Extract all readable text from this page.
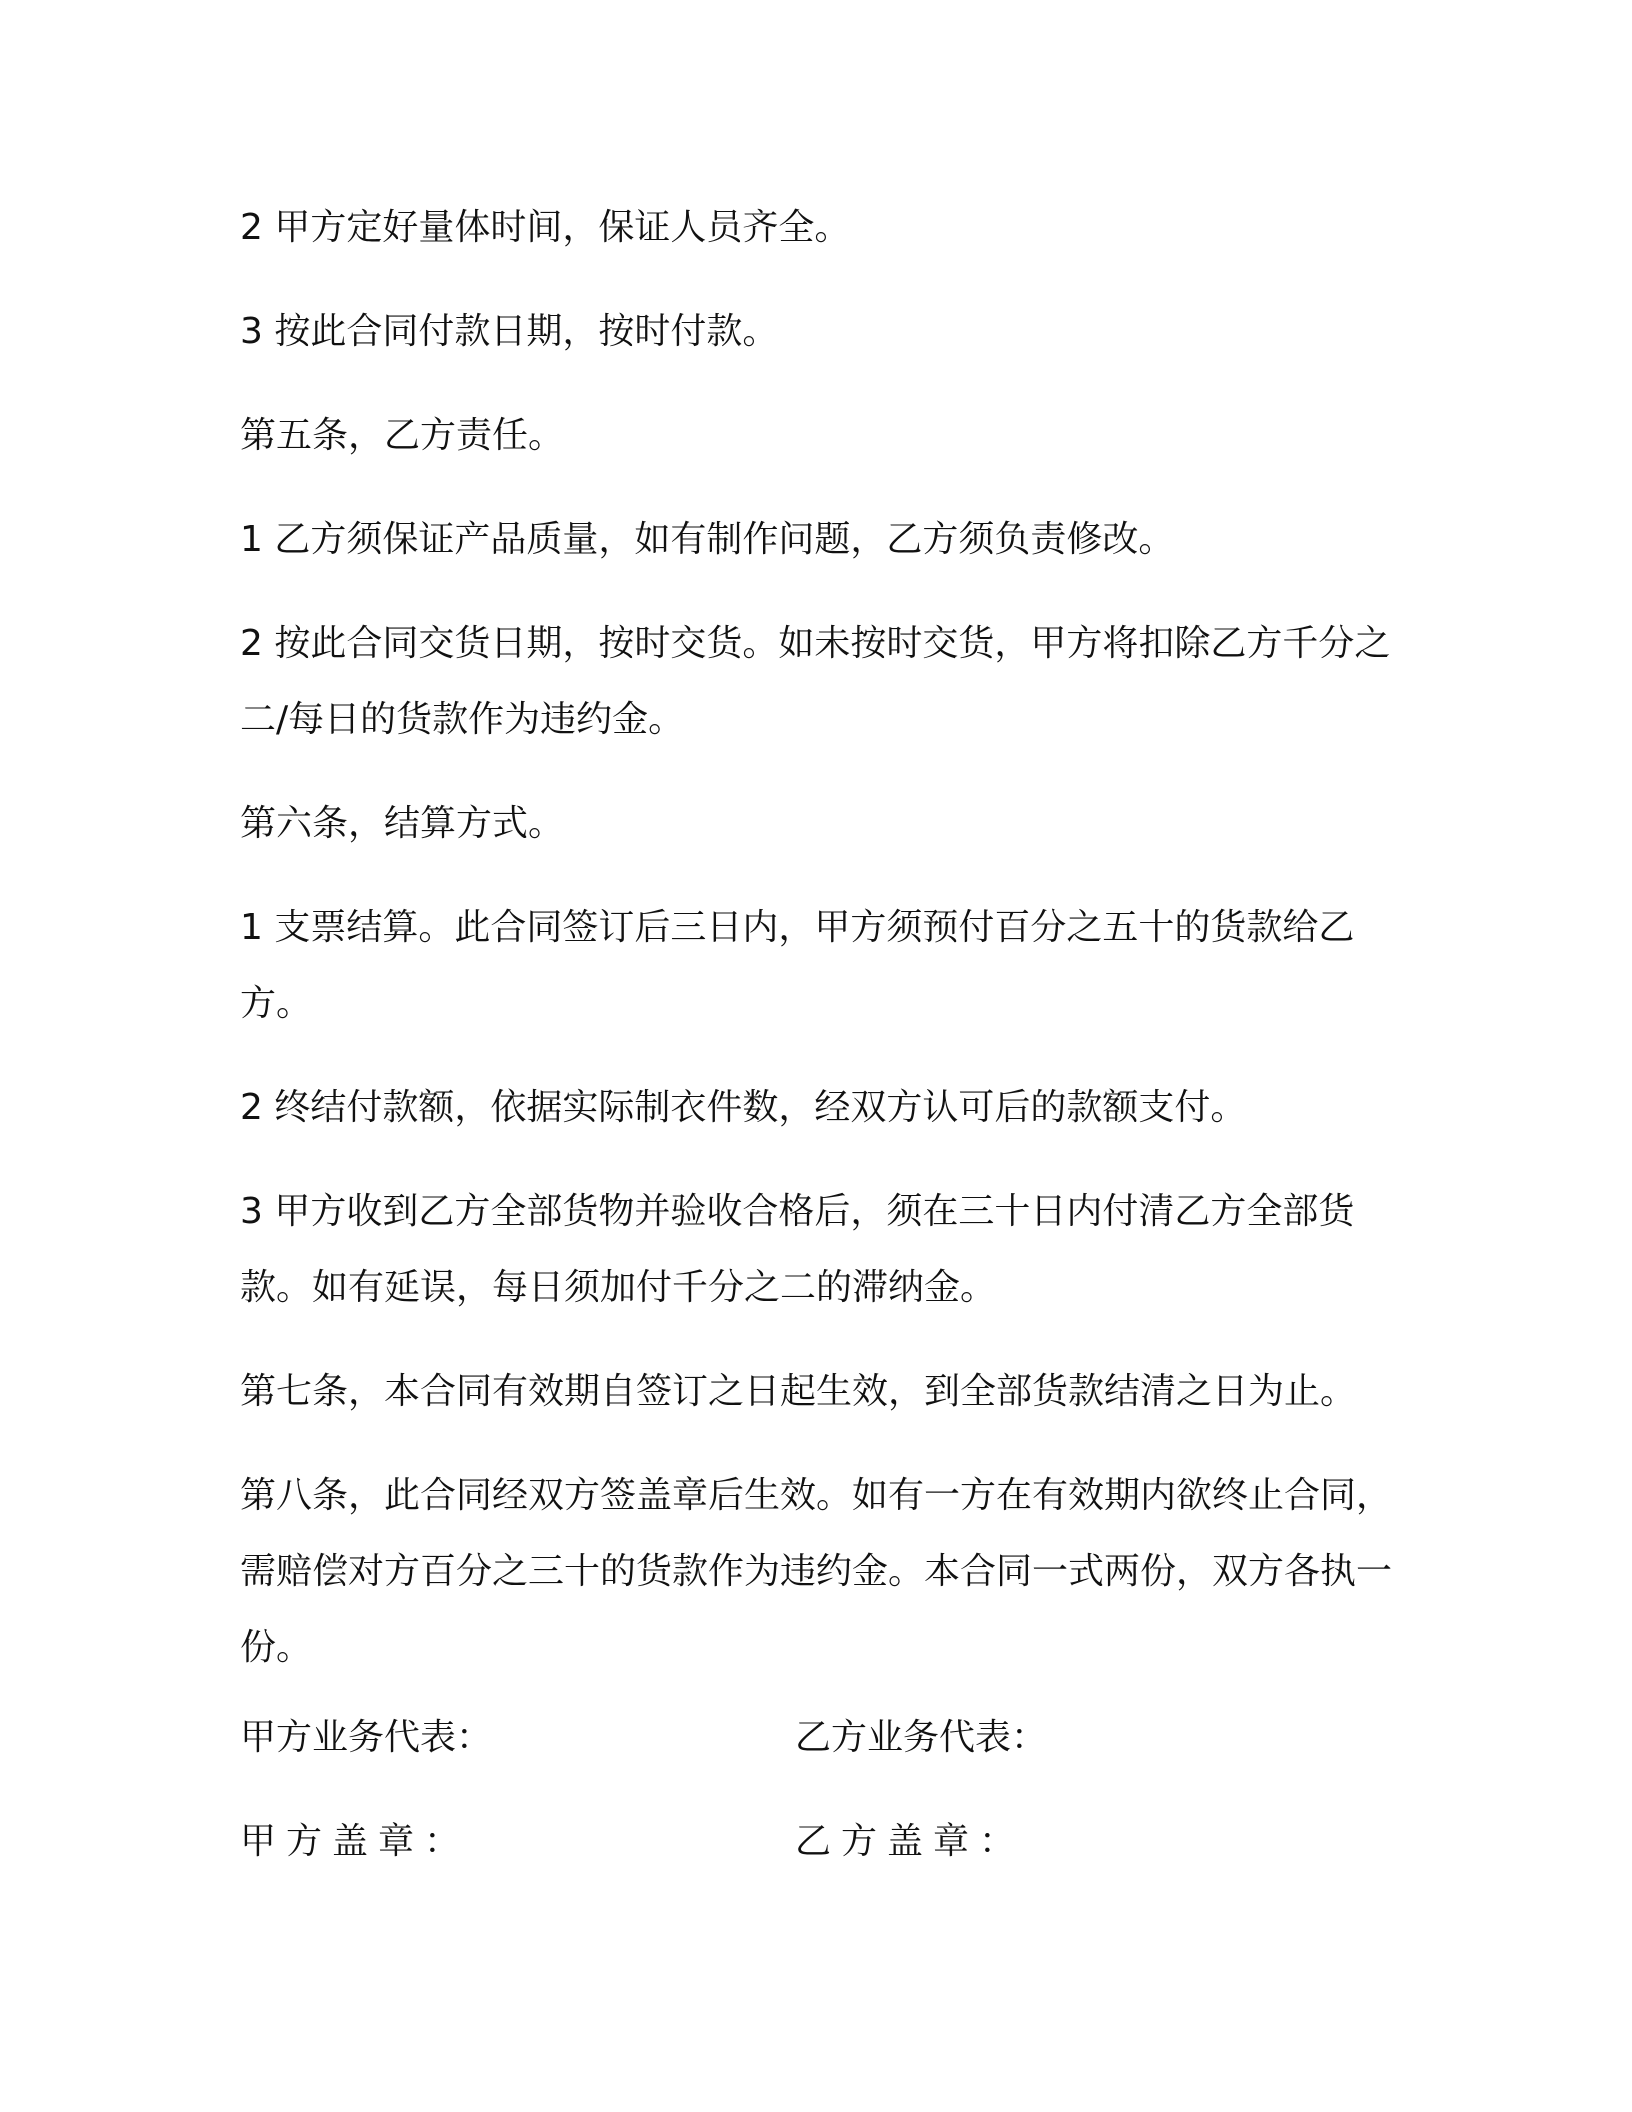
2 甲方定好量体时间，保证人员齐全。

3 按此合同付款日期，按时付款。

第五条，乙方责任。

1 乙方须保证产品质量，如有制作问题，乙方须负责修改。

2 按此合同交货日期，按时交货。如未按时交货，甲方将扣除乙方千分之二/每日的货款作为违约金。

第六条，结算方式。

1 支票结算。此合同签订后三日内，甲方须预付百分之五十的货款给乙方。

2 终结付款额，依据实际制衣件数，经双方认可后的款额支付。

3 甲方收到乙方全部货物并验收合格后，须在三十日内付清乙方全部货款。如有延误，每日须加付千分之二的滞纳金。

第七条，本合同有效期自签订之日起生效，到全部货款结清之日为止。

第八条，此合同经双方签盖章后生效。如有一方在有效期内欲终止合同，需赔偿对方百分之三十的货款作为违约金。本合同一式两份，双方各执一份。

甲方业务代表：	乙方业务代表：
甲方盖章：	乙方盖章：
